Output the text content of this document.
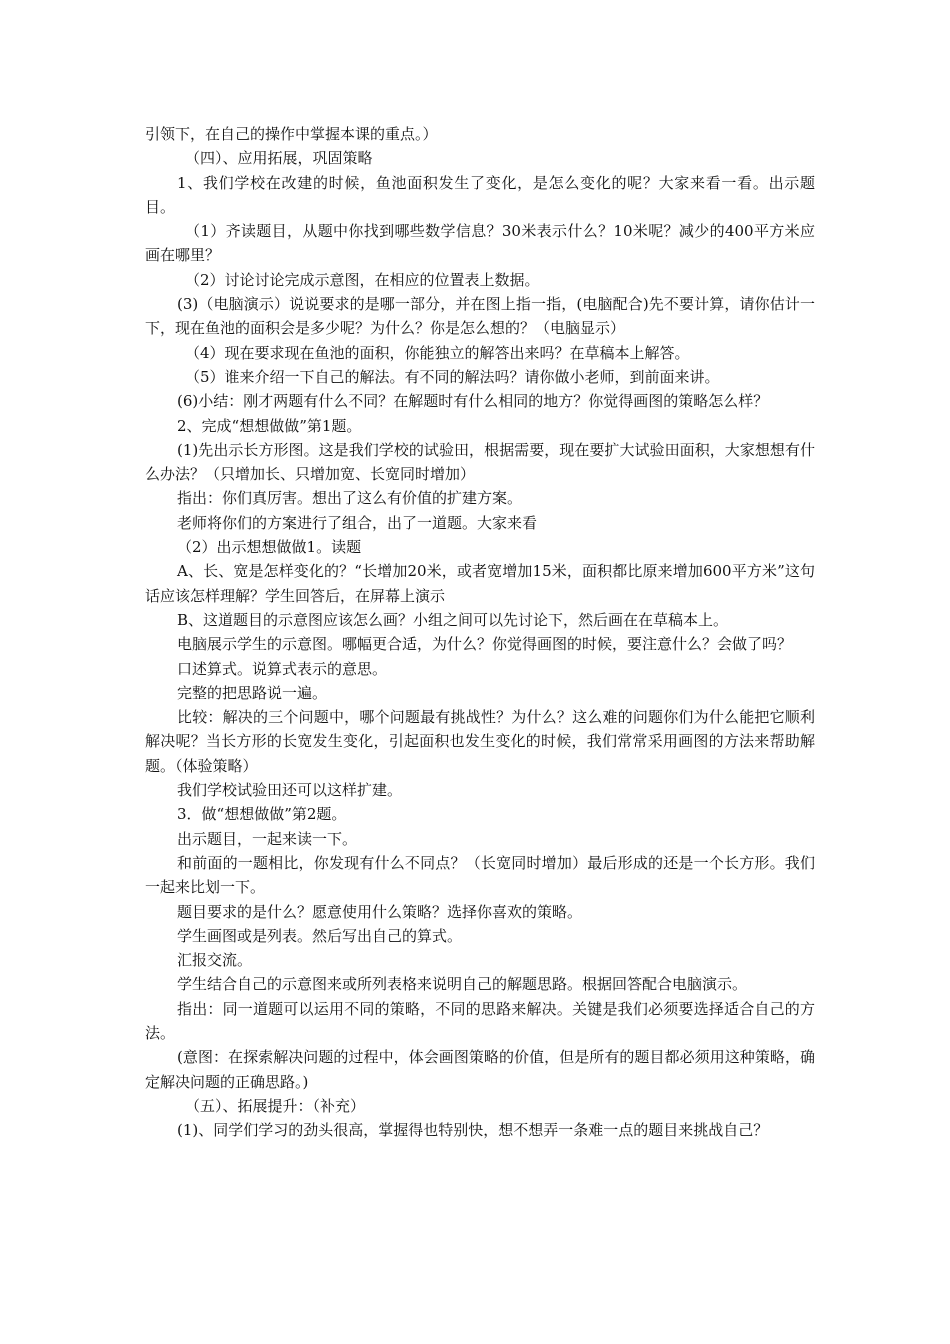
引领下，在自己的操作中掌握本课的重点。）

（四）、应用拓展，巩固策略

1、我们学校在改建的时候，鱼池面积发生了变化，是怎么变化的呢？大家来看一看。出示题目。

（1）齐读题目，从题中你找到哪些数学信息？30米表示什么？10米呢？减少的400平方米应画在哪里？

（2）讨论讨论完成示意图，在相应的位置表上数据。

(3)（电脑演示）说说要求的是哪一部分，并在图上指一指，(电脑配合)先不要计算，请你估计一下，现在鱼池的面积会是多少呢？为什么？你是怎么想的？（电脑显示）

（4）现在要求现在鱼池的面积，你能独立的解答出来吗？在草稿本上解答。

（5）谁来介绍一下自己的解法。有不同的解法吗？请你做小老师，到前面来讲。

(6)小结：刚才两题有什么不同？在解题时有什么相同的地方？你觉得画图的策略怎么样？

2、完成“想想做做”第1题。

(1)先出示长方形图。这是我们学校的试验田，根据需要，现在要扩大试验田面积，大家想想有什么办法？（只增加长、只增加宽、长宽同时增加）

指出：你们真厉害。想出了这么有价值的扩建方案。

老师将你们的方案进行了组合，出了一道题。大家来看

（2）出示想想做做1。读题

A、长、宽是怎样变化的？“长增加20米，或者宽增加15米，面积都比原来增加600平方米”这句话应该怎样理解？学生回答后，在屏幕上演示

B、这道题目的示意图应该怎么画？小组之间可以先讨论下，然后画在在草稿本上。

电脑展示学生的示意图。哪幅更合适，为什么？你觉得画图的时候，要注意什么？会做了吗？

口述算式。说算式表示的意思。

完整的把思路说一遍。

比较：解决的三个问题中，哪个问题最有挑战性？为什么？这么难的问题你们为什么能把它顺利解决呢？当长方形的长宽发生变化，引起面积也发生变化的时候，我们常常采用画图的方法来帮助解题。（体验策略）

我们学校试验田还可以这样扩建。

3．做“想想做做”第2题。

出示题目，一起来读一下。

和前面的一题相比，你发现有什么不同点？（长宽同时增加）最后形成的还是一个长方形。我们一起来比划一下。

题目要求的是什么？愿意使用什么策略？选择你喜欢的策略。

学生画图或是列表。然后写出自己的算式。

汇报交流。

学生结合自己的示意图来或所列表格来说明自己的解题思路。根据回答配合电脑演示。

指出：同一道题可以运用不同的策略，不同的思路来解决。关键是我们必须要选择适合自己的方法。

(意图：在探索解决问题的过程中，体会画图策略的价值，但是所有的题目都必须用这种策略，确定解决问题的正确思路。)

（五）、拓展提升：（补充）

(1)、同学们学习的劲头很高，掌握得也特别快，想不想弄一条难一点的题目来挑战自己？
